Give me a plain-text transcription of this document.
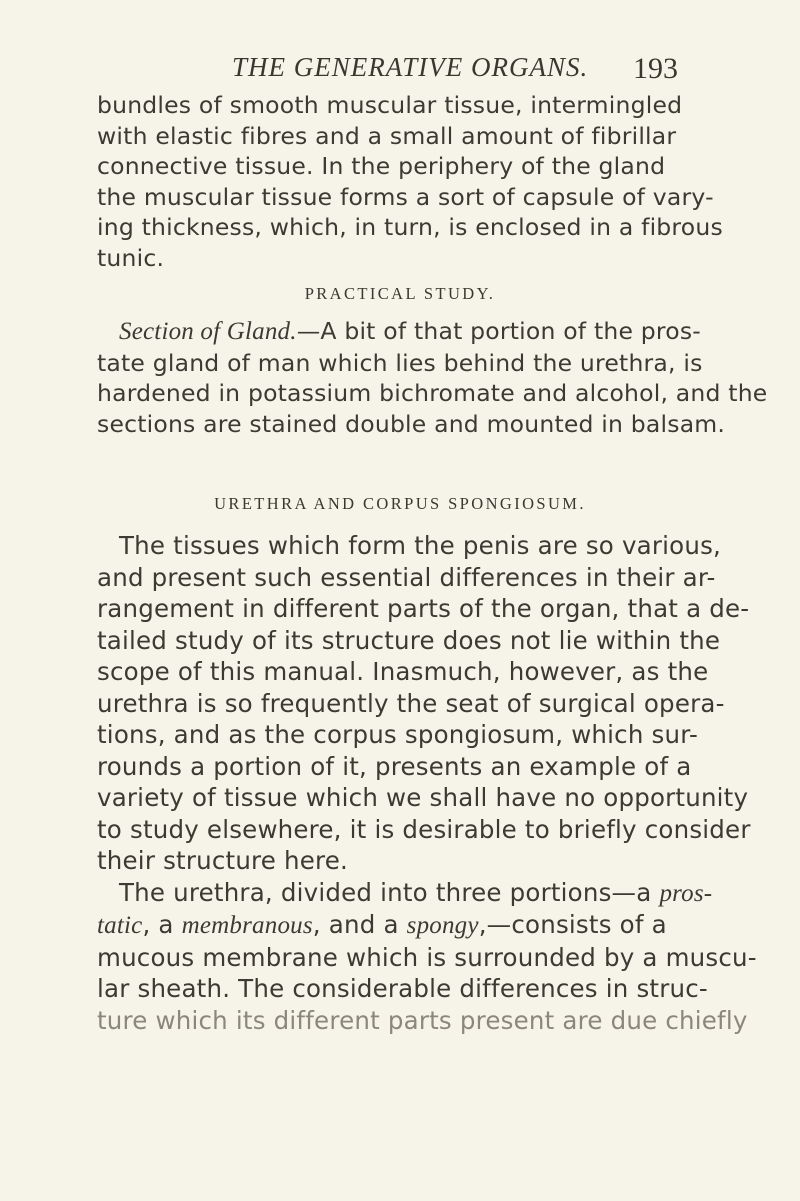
THE GENERATIVE ORGANS. 193
bundles of smooth muscular tissue, intermingled
with elastic fibres and a small amount of fibrillar
connective tissue. In the periphery of the gland
the muscular tissue forms a sort of capsule of vary-
ing thickness, which, in turn, is enclosed in a fibrous
tunic.
PRACTICAL STUDY.
Section of Gland.—A bit of that portion of the pros-
tate gland of man which lies behind the urethra, is
hardened in potassium bichromate and alcohol, and the
sections are stained double and mounted in balsam.
URETHRA AND CORPUS SPONGIOSUM.
The tissues which form the penis are so various,
and present such essential differences in their ar-
rangement in different parts of the organ, that a de-
tailed study of its structure does not lie within the
scope of this manual. Inasmuch, however, as the
urethra is so frequently the seat of surgical opera-
tions, and as the corpus spongiosum, which sur-
rounds a portion of it, presents an example of a
variety of tissue which we shall have no opportunity
to study elsewhere, it is desirable to briefly consider
their structure here.
The urethra, divided into three portions—a pros-
tatic, a membranous, and a spongy,—consists of a
mucous membrane which is surrounded by a muscu-
lar sheath. The considerable differences in struc-
ture which its different parts present are due chiefly
